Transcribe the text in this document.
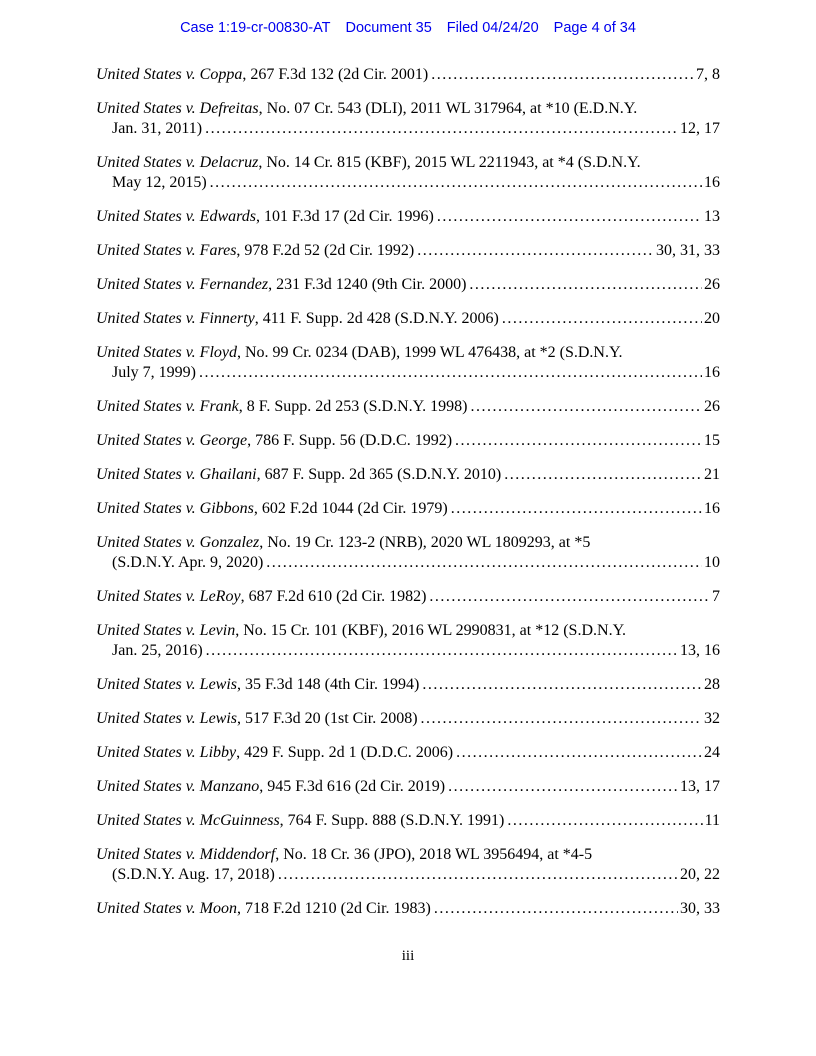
Case 1:19-cr-00830-AT Document 35 Filed 04/24/20 Page 4 of 34
United States v. Coppa, 267 F.3d 132 (2d Cir. 2001) .....	7, 8
United States v. Defreitas, No. 07 Cr. 543 (DLI), 2011 WL 317964, at *10 (E.D.N.Y.
Jan. 31, 2011) .....	12, 17
United States v. Delacruz, No. 14 Cr. 815 (KBF), 2015 WL 2211943, at *4 (S.D.N.Y.
May 12, 2015) .....	16
United States v. Edwards, 101 F.3d 17 (2d Cir. 1996) .....	13
United States v. Fares, 978 F.2d 52 (2d Cir. 1992) .....	30, 31, 33
United States v. Fernandez, 231 F.3d 1240 (9th Cir. 2000) .....	26
United States v. Finnerty, 411 F. Supp. 2d 428 (S.D.N.Y. 2006) .....	20
United States v. Floyd, No. 99 Cr. 0234 (DAB), 1999 WL 476438, at *2 (S.D.N.Y.
July 7, 1999) .....	16
United States v. Frank, 8 F. Supp. 2d 253 (S.D.N.Y. 1998) .....	26
United States v. George, 786 F. Supp. 56 (D.D.C. 1992) .....	15
United States v. Ghailani, 687 F. Supp. 2d 365 (S.D.N.Y. 2010) .....	21
United States v. Gibbons, 602 F.2d 1044 (2d Cir. 1979) .....	16
United States v. Gonzalez, No. 19 Cr. 123-2 (NRB), 2020 WL 1809293, at *5
(S.D.N.Y. Apr. 9, 2020) .....	10
United States v. LeRoy, 687 F.2d 610 (2d Cir. 1982) .....	7
United States v. Levin, No. 15 Cr. 101 (KBF), 2016 WL 2990831, at *12 (S.D.N.Y.
Jan. 25, 2016) .....	13, 16
United States v. Lewis, 35 F.3d 148 (4th Cir. 1994) .....	28
United States v. Lewis, 517 F.3d 20 (1st Cir. 2008) .....	32
United States v. Libby, 429 F. Supp. 2d 1 (D.D.C. 2006) .....	24
United States v. Manzano, 945 F.3d 616 (2d Cir. 2019) .....	13, 17
United States v. McGuinness, 764 F. Supp. 888 (S.D.N.Y. 1991) .....	11
United States v. Middendorf, No. 18 Cr. 36 (JPO), 2018 WL 3956494, at *4-5
(S.D.N.Y. Aug. 17, 2018) .....	20, 22
United States v. Moon, 718 F.2d 1210 (2d Cir. 1983) .....	30, 33
iii
